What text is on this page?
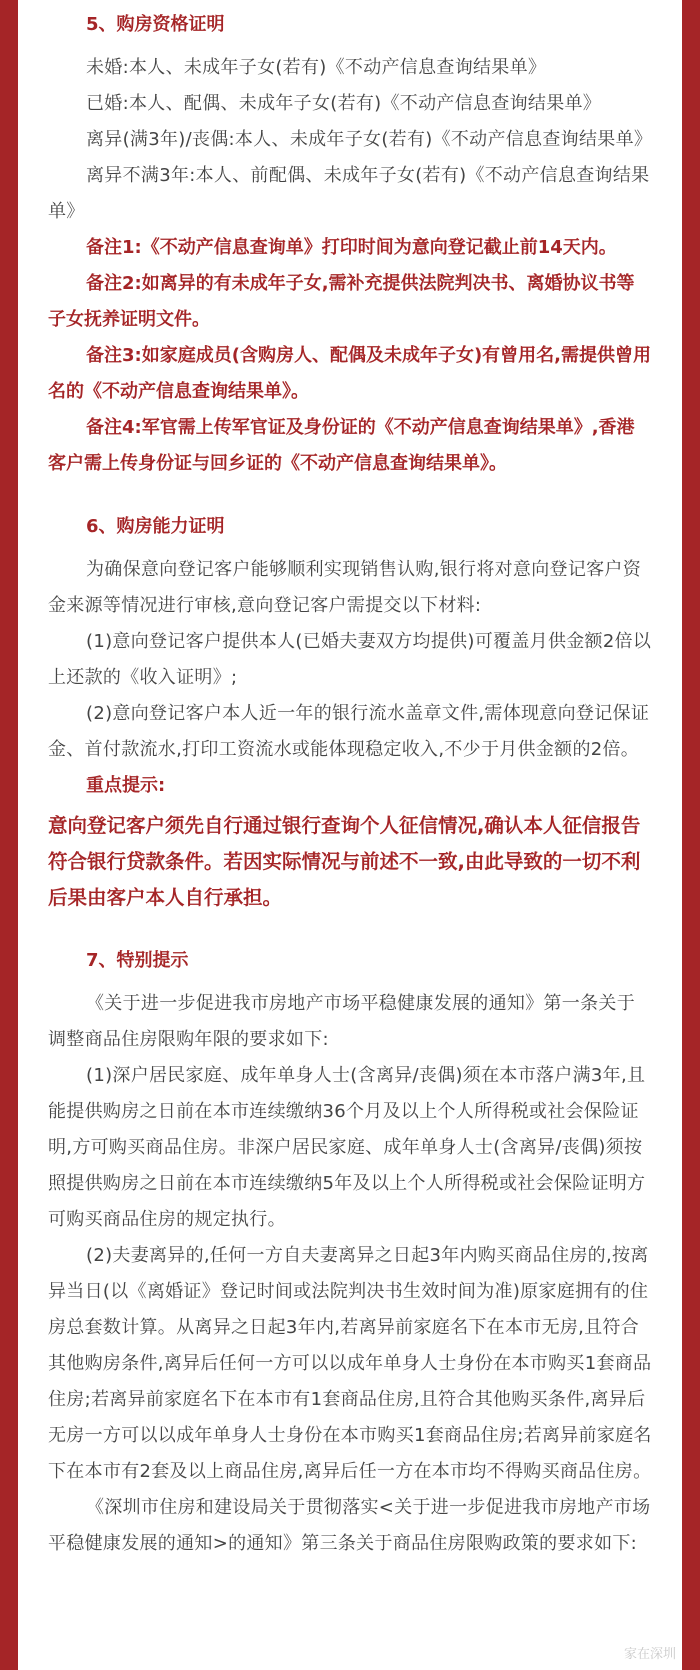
5、购房资格证明

未婚:本人、未成年子女(若有)《不动产信息查询结果单》

已婚:本人、配偶、未成年子女(若有)《不动产信息查询结果单》

离异(满3年)/丧偶:本人、未成年子女(若有)《不动产信息查询结果单》

离异不满3年:本人、前配偶、未成年子女(若有)《不动产信息查询结果单》

备注1:《不动产信息查询单》打印时间为意向登记截止前14天内。

备注2:如离异的有未成年子女,需补充提供法院判决书、离婚协议书等子女抚养证明文件。

备注3:如家庭成员(含购房人、配偶及未成年子女)有曾用名,需提供曾用名的《不动产信息查询结果单》。

备注4:军官需上传军官证及身份证的《不动产信息查询结果单》,香港客户需上传身份证与回乡证的《不动产信息查询结果单》。

6、购房能力证明

为确保意向登记客户能够顺利实现销售认购,银行将对意向登记客户资金来源等情况进行审核,意向登记客户需提交以下材料:

(1)意向登记客户提供本人(已婚夫妻双方均提供)可覆盖月供金额2倍以上还款的《收入证明》;

(2)意向登记客户本人近一年的银行流水盖章文件,需体现意向登记保证金、首付款流水,打印工资流水或能体现稳定收入,不少于月供金额的2倍。

重点提示:

意向登记客户须先自行通过银行查询个人征信情况,确认本人征信报告符合银行贷款条件。若因实际情况与前述不一致,由此导致的一切不利后果由客户本人自行承担。

7、特别提示

《关于进一步促进我市房地产市场平稳健康发展的通知》第一条关于调整商品住房限购年限的要求如下:

(1)深户居民家庭、成年单身人士(含离异/丧偶)须在本市落户满3年,且能提供购房之日前在本市连续缴纳36个月及以上个人所得税或社会保险证明,方可购买商品住房。非深户居民家庭、成年单身人士(含离异/丧偶)须按照提供购房之日前在本市连续缴纳5年及以上个人所得税或社会保险证明方可购买商品住房的规定执行。

(2)夫妻离异的,任何一方自夫妻离异之日起3年内购买商品住房的,按离异当日(以《离婚证》登记时间或法院判决书生效时间为准)原家庭拥有的住房总套数计算。从离异之日起3年内,若离异前家庭名下在本市无房,且符合其他购房条件,离异后任何一方可以以成年单身人士身份在本市购买1套商品住房;若离异前家庭名下在本市有1套商品住房,且符合其他购买条件,离异后无房一方可以以成年单身人士身份在本市购买1套商品住房;若离异前家庭名下在本市有2套及以上商品住房,离异后任一方在本市均不得购买商品住房。

《深圳市住房和建设局关于贯彻落实<关于进一步促进我市房地产市场平稳健康发展的通知>的通知》第三条关于商品住房限购政策的要求如下:

家在深圳
